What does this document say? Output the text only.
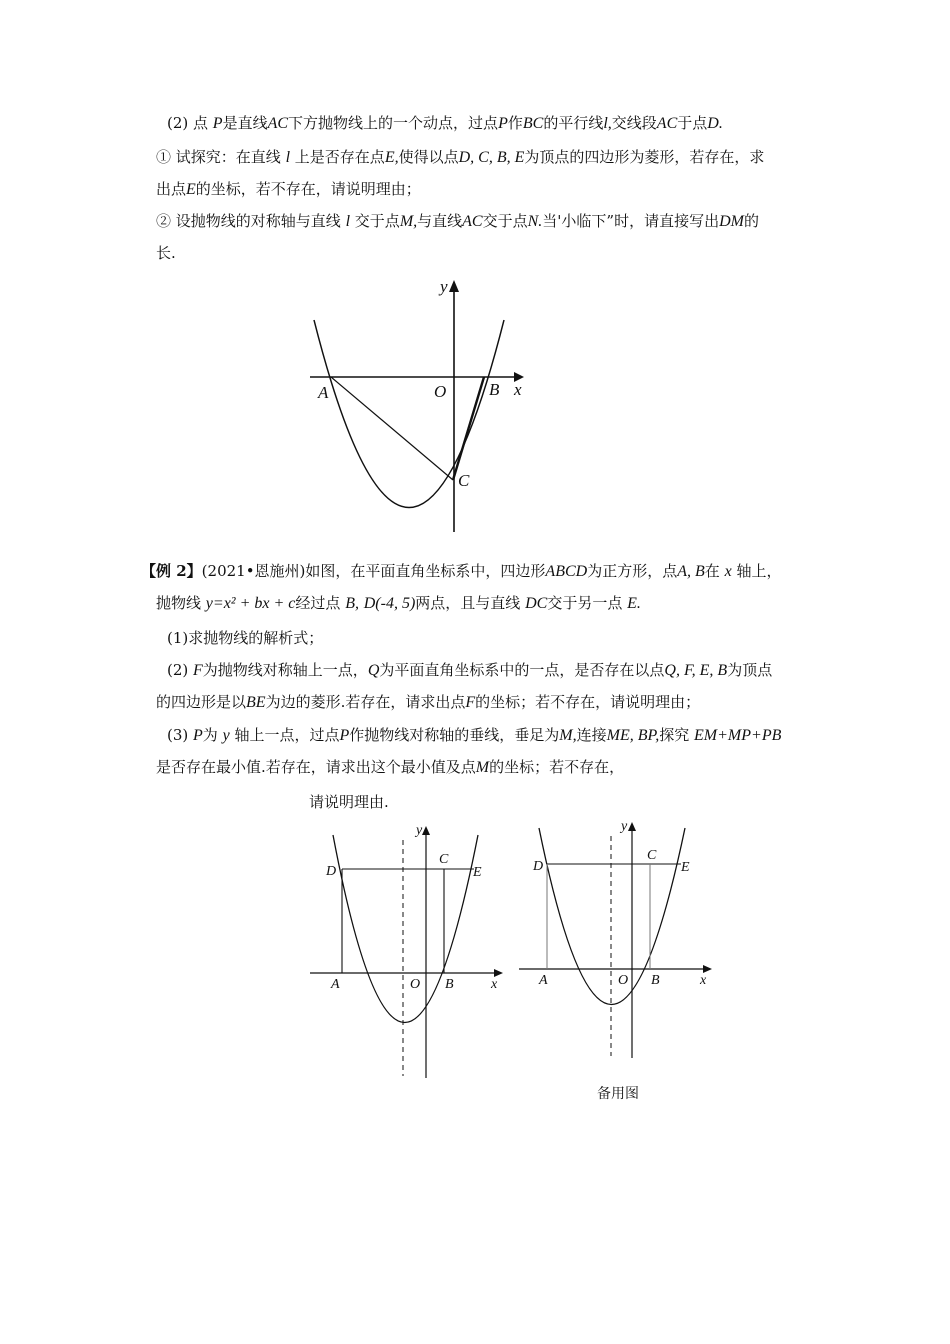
(2) 点 P是直线AC下方抛物线上的一个动点，过点P作BC的平行线l,交线段AC于点D.
① 试探究：在直线 l 上是否存在点E,使得以点D, C, B, E为顶点的四边形为菱形，若存在，求
出点E的坐标，若不存在，请说明理由；
② 设抛物线的对称轴与直线 l 交于点M,与直线AC交于点N.当'小临下”时，请直接写出DM的
长.
y
x
A	O	B
C
【例 2】(2021•恩施州)如图，在平面直角坐标系中，四边形ABCD为正方形，点A, B在 x 轴上，
抛物线 y=x² + bx + c经过点 B, D(-4, 5)两点，且与直线 DC交于另一点 E.
(1)求抛物线的解析式；
(2) F为抛物线对称轴上一点，Q为平面直角坐标系中的一点，是否存在以点Q, F, E, B为顶点
的四边形是以BE为边的菱形.若存在，请求出点F的坐标；若不存在，请说明理由；
(3) P为 y 轴上一点，过点P作抛物线对称轴的垂线，垂足为M,连接ME, BP,探究 EM+MP+PB
是否存在最小值.若存在，请求出这个最小值及点M的坐标；若不存在，
请说明理由.
y
x
D
C
E
A	O B
y
x
D
C
E
A	O B
备用图
